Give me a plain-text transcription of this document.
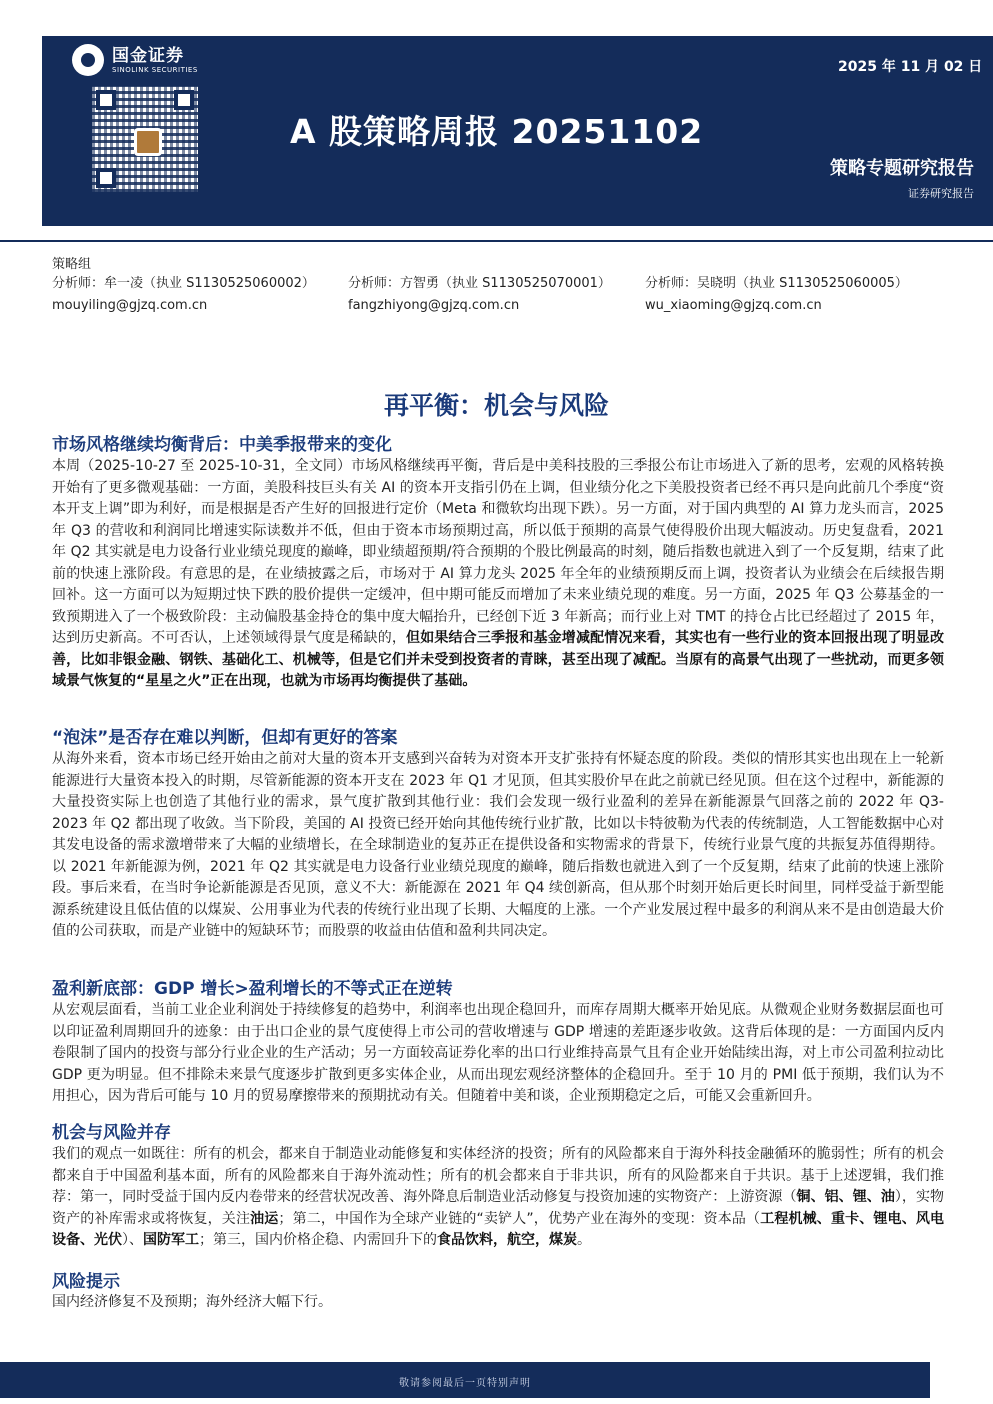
国金证券
SINOLINK SECURITIES	2025 年 11 月 02 日
A 股策略周报 20251102
策略专题研究报告
证券研究报告
策略组
分析师：牟一凌（执业 S1130525060002）	分析师：方智勇（执业 S1130525070001）	分析师：吴晓明（执业 S1130525060005）
mouyiling@gjzq.com.cn	fangzhiyong@gjzq.com.cn	wu_xiaoming@gjzq.com.cn
再平衡：机会与风险
市场风格继续均衡背后：中美季报带来的变化
本周（2025-10-27 至 2025-10-31，全文同）市场风格继续再平衡，背后是中美科技股的三季报公布让市场进入了新的思考，宏观的风格转换开始有了更多微观基础：一方面，美股科技巨头有关 AI 的资本开支指引仍在上调，但业绩分化之下美股投资者已经不再只是向此前几个季度“资本开支上调”即为利好，而是根据是否产生好的回报进行定价（Meta 和微软均出现下跌）。另一方面，对于国内典型的 AI 算力龙头而言，2025 年 Q3 的营收和利润同比增速实际读数并不低，但由于资本市场预期过高，所以低于预期的高景气使得股价出现大幅波动。历史复盘看，2021 年 Q2 其实就是电力设备行业业绩兑现度的巅峰，即业绩超预期/符合预期的个股比例最高的时刻，随后指数也就进入到了一个反复期，结束了此前的快速上涨阶段。有意思的是，在业绩披露之后，市场对于 AI 算力龙头 2025 年全年的业绩预期反而上调，投资者认为业绩会在后续报告期回补。这一方面可以为短期过快下跌的股价提供一定缓冲，但中期可能反而增加了未来业绩兑现的难度。另一方面，2025 年 Q3 公募基金的一致预期进入了一个极致阶段：主动偏股基金持仓的集中度大幅抬升，已经创下近 3 年新高；而行业上对 TMT 的持仓占比已经超过了 2015 年，达到历史新高。不可否认，上述领域得景气度是稀缺的，但如果结合三季报和基金增减配情况来看，其实也有一些行业的资本回报出现了明显改善，比如非银金融、钢铁、基础化工、机械等，但是它们并未受到投资者的青睐，甚至出现了减配。当原有的高景气出现了一些扰动，而更多领域景气恢复的“星星之火”正在出现，也就为市场再均衡提供了基础。
“泡沫”是否存在难以判断，但却有更好的答案
从海外来看，资本市场已经开始由之前对大量的资本开支感到兴奋转为对资本开支扩张持有怀疑态度的阶段。类似的情形其实也出现在上一轮新能源进行大量资本投入的时期，尽管新能源的资本开支在 2023 年 Q1 才见顶，但其实股价早在此之前就已经见顶。但在这个过程中，新能源的大量投资实际上也创造了其他行业的需求，景气度扩散到其他行业：我们会发现一级行业盈利的差异在新能源景气回落之前的 2022 年 Q3-2023 年 Q2 都出现了收敛。当下阶段，美国的 AI 投资已经开始向其他传统行业扩散，比如以卡特彼勒为代表的传统制造，人工智能数据中心对其发电设备的需求激增带来了大幅的业绩增长，在全球制造业的复苏正在提供设备和实物需求的背景下，传统行业景气度的共振复苏值得期待。以 2021 年新能源为例，2021 年 Q2 其实就是电力设备行业业绩兑现度的巅峰，随后指数也就进入到了一个反复期，结束了此前的快速上涨阶段。事后来看，在当时争论新能源是否见顶，意义不大：新能源在 2021 年 Q4 续创新高，但从那个时刻开始后更长时间里，同样受益于新型能源系统建设且低估值的以煤炭、公用事业为代表的传统行业出现了长期、大幅度的上涨。一个产业发展过程中最多的利润从来不是由创造最大价值的公司获取，而是产业链中的短缺环节；而股票的收益由估值和盈利共同决定。
盈利新底部：GDP 增长>盈利增长的不等式正在逆转
从宏观层面看，当前工业企业利润处于持续修复的趋势中，利润率也出现企稳回升，而库存周期大概率开始见底。从微观企业财务数据层面也可以印证盈利周期回升的迹象：由于出口企业的景气度使得上市公司的营收增速与 GDP 增速的差距逐步收敛。这背后体现的是：一方面国内反内卷限制了国内的投资与部分行业企业的生产活动；另一方面较高证券化率的出口行业维持高景气且有企业开始陆续出海，对上市公司盈利拉动比 GDP 更为明显。但不排除未来景气度逐步扩散到更多实体企业，从而出现宏观经济整体的企稳回升。至于 10 月的 PMI 低于预期，我们认为不用担心，因为背后可能与 10 月的贸易摩擦带来的预期扰动有关。但随着中美和谈，企业预期稳定之后，可能又会重新回升。
机会与风险并存
我们的观点一如既往：所有的机会，都来自于制造业动能修复和实体经济的投资；所有的风险都来自于海外科技金融循环的脆弱性；所有的机会都来自于中国盈利基本面，所有的风险都来自于海外流动性；所有的机会都来自于非共识，所有的风险都来自于共识。基于上述逻辑，我们推荐：第一，同时受益于国内反内卷带来的经营状况改善、海外降息后制造业活动修复与投资加速的实物资产：上游资源（铜、铝、锂、油），实物资产的补库需求或将恢复，关注油运；第二，中国作为全球产业链的“卖铲人”，优势产业在海外的变现：资本品（工程机械、重卡、锂电、风电设备、光伏）、国防军工；第三，国内价格企稳、内需回升下的食品饮料，航空，煤炭。
风险提示
国内经济修复不及预期；海外经济大幅下行。
敬请参阅最后一页特别声明
